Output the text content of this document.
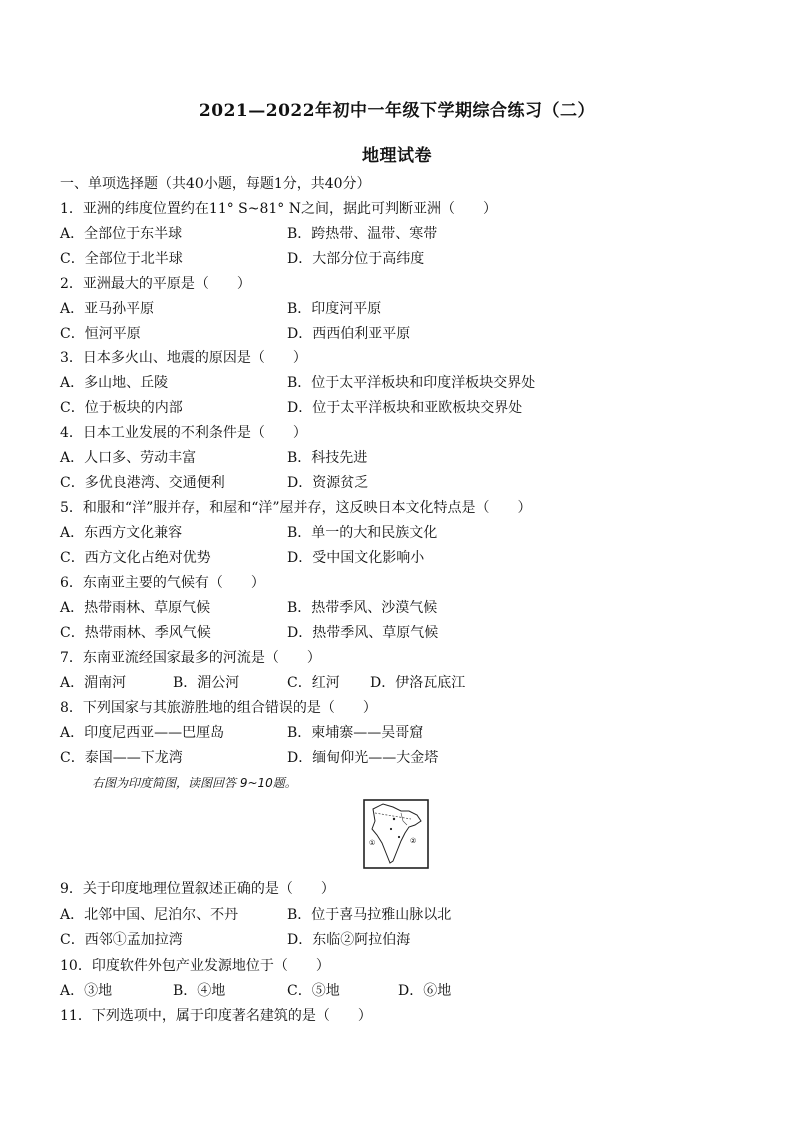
2021—2022年初中一年级下学期综合练习（二）
地理试卷
一、单项选择题（共40小题，每题1分，共40分）
1．亚洲的纬度位置约在11° S~81° N之间，据此可判断亚洲（　　）
A．全部位于东半球	B．跨热带、温带、寒带
C．全部位于北半球	D．大部分位于高纬度
2．亚洲最大的平原是（　　）
A．亚马孙平原	B．印度河平原
C．恒河平原	D．西西伯利亚平原
3．日本多火山、地震的原因是（　　）
A．多山地、丘陵	B．位于太平洋板块和印度洋板块交界处
C．位于板块的内部	D．位于太平洋板块和亚欧板块交界处
4．日本工业发展的不利条件是（　　）
A．人口多、劳动丰富	B．科技先进
C．多优良港湾、交通便利	D．资源贫乏
5．和服和“洋”服并存，和屋和“洋”屋并存，这反映日本文化特点是（　　）
A．东西方文化兼容	B．单一的大和民族文化
C．西方文化占绝对优势	D．受中国文化影响小
6．东南亚主要的气候有（　　）
A．热带雨林、草原气候	B．热带季风、沙漠气候
C．热带雨林、季风气候	D．热带季风、草原气候
7．东南亚流经国家最多的河流是（　　）
A．湄南河	B．湄公河	C．红河 D．伊洛瓦底江
8．下列国家与其旅游胜地的组合错误的是（　　）
A．印度尼西亚——巴厘岛	B．柬埔寨——吴哥窟
C．泰国——下龙湾	D．缅甸仰光——大金塔
右图为印度简图，读图回答 9~10题。
①	②
9．关于印度地理位置叙述正确的是（　　）
A．北邻中国、尼泊尔、不丹	B．位于喜马拉雅山脉以北
C．西邻①孟加拉湾	D．东临②阿拉伯海
10．印度软件外包产业发源地位于（　　）
A．③地	B．④地	C．⑤地	D．⑥地
11．下列选项中，属于印度著名建筑的是（　　）
